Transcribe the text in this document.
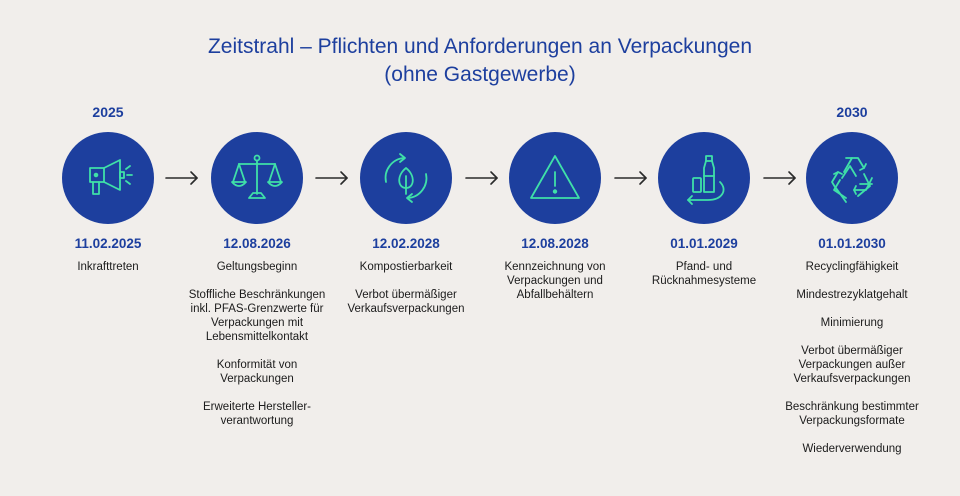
Zeitstrahl – Pflichten und Anforderungen an Verpackungen
(ohne Gastgewerbe)
2025	2030
11.02.2025
Inkrafttreten
12.08.2026
Geltungsbeginn
Stoffliche Beschränkungen inkl. PFAS-Grenzwerte für Verpackungen mit Lebensmittelkontakt
Konformität von Verpackungen
Erweiterte Hersteller-verantwortung
12.02.2028
Kompostierbarkeit
Verbot übermäßiger Verkaufsverpackungen
12.08.2028
Kennzeichnung von Verpackungen und Abfallbehältern
01.01.2029
Pfand- und Rücknahmesysteme
01.01.2030
Recyclingfähigkeit
Mindestrezyklatgehalt
Minimierung
Verbot übermäßiger Verpackungen außer Verkaufsverpackungen
Beschränkung bestimmter Verpackungsformate
Wiederverwendung
